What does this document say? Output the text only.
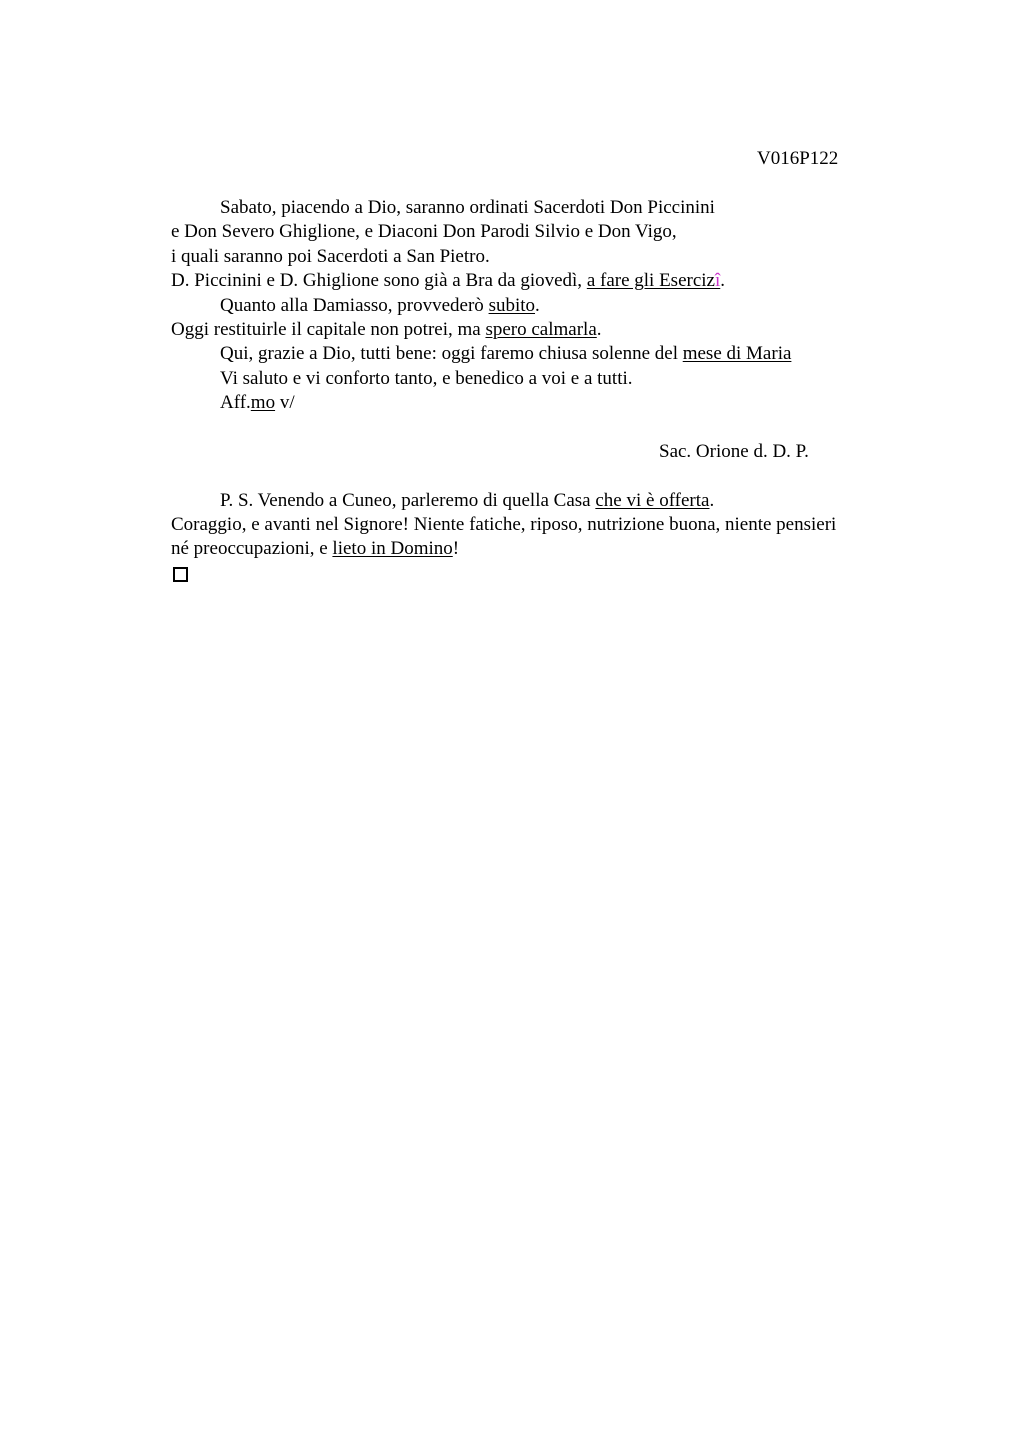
V016P122
Sabato, piacendo a Dio, saranno ordinati Sacerdoti Don Piccinini
e Don Severo Ghiglione, e Diaconi Don Parodi Silvio e Don Vigo,
i quali saranno poi Sacerdoti a San Pietro.
D. Piccinini e D. Ghiglione sono già a Bra da giovedì, a fare gli Esercizî.
Quanto alla Damiasso, provvederò subito.
Oggi restituirle il capitale non potrei, ma spero calmarla.
Qui, grazie a Dio, tutti bene: oggi faremo chiusa solenne del mese di Maria
Vi saluto e vi conforto tanto, e benedico a voi e a tutti.
Aff.mo v/
Sac. Orione d. D. P.
P. S. Venendo a Cuneo, parleremo di quella Casa che vi è offerta.
Coraggio, e avanti nel Signore! Niente fatiche, riposo, nutrizione buona, niente pensieri
né preoccupazioni, e lieto in Domino!
